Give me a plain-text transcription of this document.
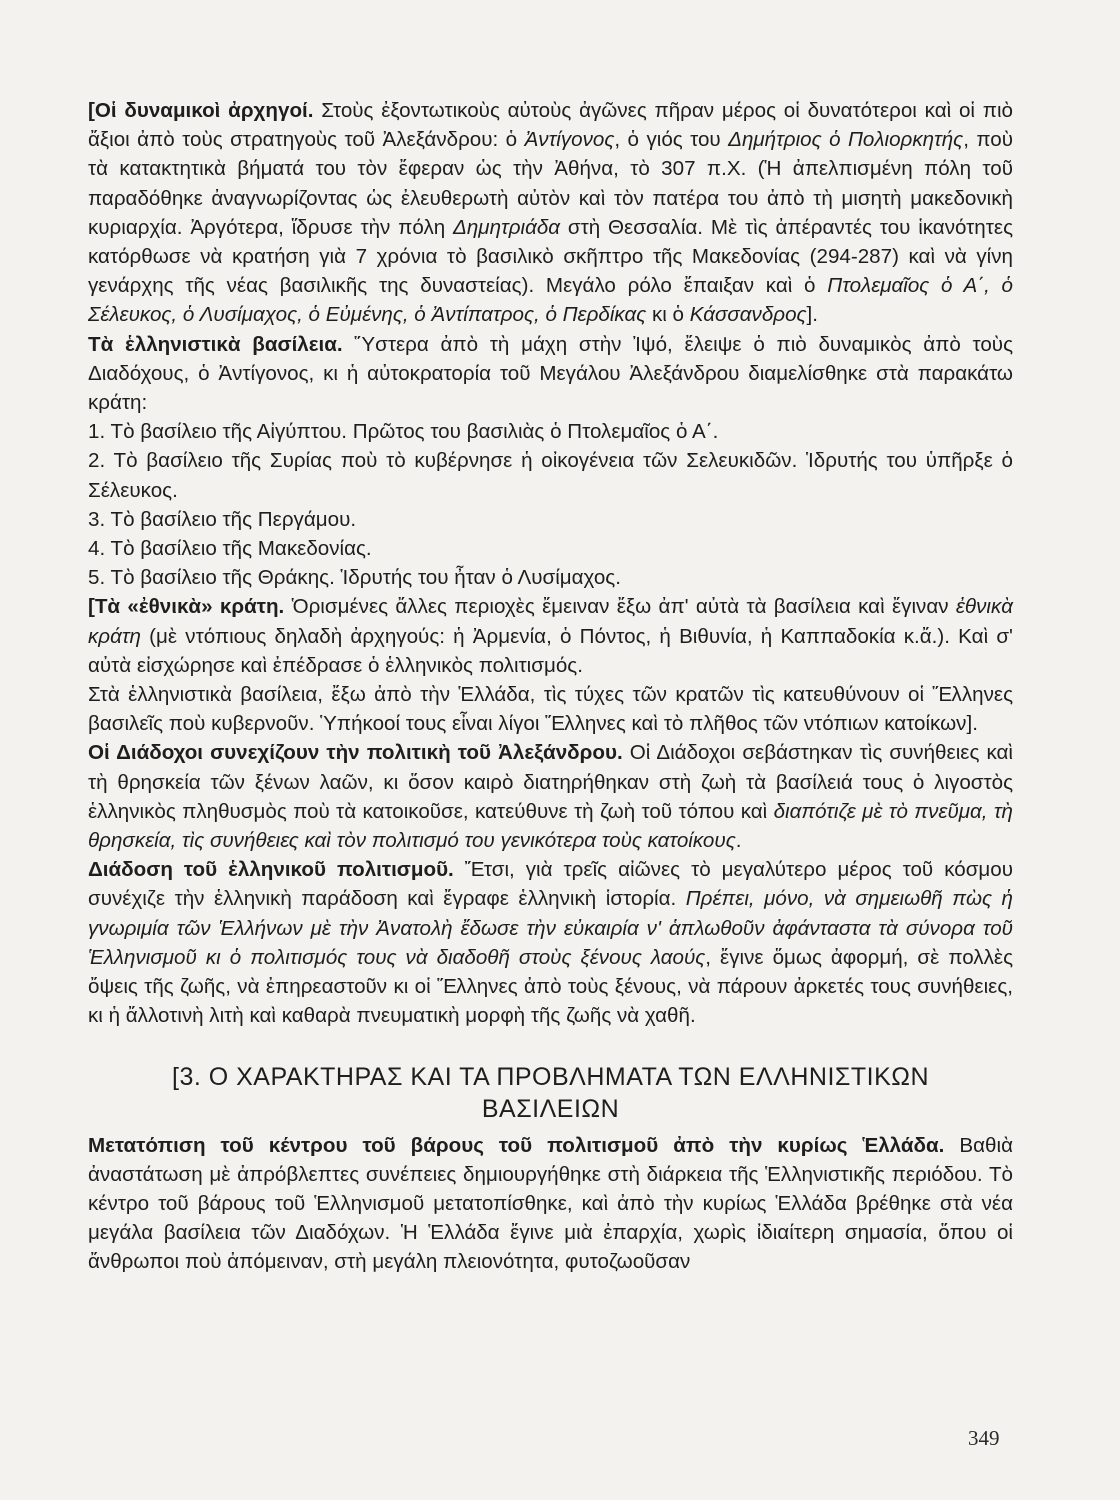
[Οἱ δυναμικοὶ ἀρχηγοί. Στοὺς ἐξοντωτικοὺς αὐτοὺς ἀγῶνες πῆραν μέρος οἱ δυνατότεροι καὶ οἱ πιὸ ἄξιοι ἀπὸ τοὺς στρατηγοὺς τοῦ Ἀλεξάνδρου: ὁ Ἀντίγονος, ὁ γιός του Δημήτριος ὁ Πολιορκητής, ποὺ τὰ κατακτητικὰ βήματά του τὸν ἔφεραν ὡς τὴν Ἀθήνα, τὸ 307 π.Χ. (Ἡ ἀπελπισμένη πόλη τοῦ παραδόθηκε ἀναγνωρίζοντας ὡς ἐλευθερωτὴ αὐτὸν καὶ τὸν πατέρα του ἀπὸ τὴ μισητὴ μακεδονικὴ κυριαρχία. Ἀργότερα, ἵδρυσε τὴν πόλη Δημητριάδα στὴ Θεσσαλία. Μὲ τὶς ἀπέραντές του ἱκανότητες κατόρθωσε νὰ κρατήση γιὰ 7 χρόνια τὸ βασιλικὸ σκῆπτρο τῆς Μακεδονίας (294-287) καὶ νὰ γίνη γενάρχης τῆς νέας βασιλικῆς της δυναστείας). Μεγάλο ρόλο ἔπαιξαν καὶ ὁ Πτολεμαῖος ὁ Α΄, ὁ Σέλευκος, ὁ Λυσίμαχος, ὁ Εὐμένης, ὁ Ἀντίπατρος, ὁ Περδίκας κι ὁ Κάσσανδρος].

Τὰ ἑλληνιστικὰ βασίλεια. Ὕστερα ἀπὸ τὴ μάχη στὴν Ἰψό, ἔλειψε ὁ πιὸ δυναμικὸς ἀπὸ τοὺς Διαδόχους, ὁ Ἀντίγονος, κι ἡ αὐτοκρατορία τοῦ Μεγάλου Ἀλεξάνδρου διαμελίσθηκε στὰ παρακάτω κράτη:

1. Τὸ βασίλειο τῆς Αἰγύπτου. Πρῶτος του βασιλιὰς ὁ Πτολεμαῖος ὁ Α΄.

2. Τὸ βασίλειο τῆς Συρίας ποὺ τὸ κυβέρνησε ἡ οἰκογένεια τῶν Σελευκιδῶν. Ἱδρυτής του ὑπῆρξε ὁ Σέλευκος.

3. Τὸ βασίλειο τῆς Περγάμου.

4. Τὸ βασίλειο τῆς Μακεδονίας.

5. Τὸ βασίλειο τῆς Θράκης. Ἱδρυτής του ἦταν ὁ Λυσίμαχος.

[Τὰ «ἐθνικὰ» κράτη. Ὁρισμένες ἄλλες περιοχὲς ἔμειναν ἔξω ἀπ' αὐτὰ τὰ βασίλεια καὶ ἔγιναν ἐθνικὰ κράτη (μὲ ντόπιους δηλαδὴ ἀρχηγούς: ἡ Ἀρμενία, ὁ Πόντος, ἡ Βιθυνία, ἡ Καππαδοκία κ.ἄ.). Καὶ σ' αὐτὰ εἰσχώρησε καὶ ἐπέδρασε ὁ ἑλληνικὸς πολιτισμός.

Στὰ ἑλληνιστικὰ βασίλεια, ἔξω ἀπὸ τὴν Ἑλλάδα, τὶς τύχες τῶν κρατῶν τὶς κατευθύνουν οἱ Ἕλληνες βασιλεῖς ποὺ κυβερνοῦν. Ὑπήκοοί τους εἶναι λίγοι Ἕλληνες καὶ τὸ πλῆθος τῶν ντόπιων κατοίκων].

Οἱ Διάδοχοι συνεχίζουν τὴν πολιτικὴ τοῦ Ἀλεξάνδρου. Οἱ Διάδοχοι σεβάστηκαν τὶς συνήθειες καὶ τὴ θρησκεία τῶν ξένων λαῶν, κι ὅσον καιρὸ διατηρήθηκαν στὴ ζωὴ τὰ βασίλειά τους ὁ λιγοστὸς ἑλληνικὸς πληθυσμὸς ποὺ τὰ κατοικοῦσε, κατεύθυνε τὴ ζωὴ τοῦ τόπου καὶ διαπότιζε μὲ τὸ πνεῦμα, τὴ θρησκεία, τὶς συνήθειες καὶ τὸν πολιτισμό του γενικότερα τοὺς κατοίκους.

Διάδοση τοῦ ἑλληνικοῦ πολιτισμοῦ. Ἔτσι, γιὰ τρεῖς αἰῶνες τὸ μεγαλύτερο μέρος τοῦ κόσμου συνέχιζε τὴν ἑλληνικὴ παράδοση καὶ ἔγραφε ἑλληνικὴ ἱστορία. Πρέπει, μόνο, νὰ σημειωθῆ πὼς ἡ γνωριμία τῶν Ἑλλήνων μὲ τὴν Ἀνατολὴ ἔδωσε τὴν εὐκαιρία ν' ἁπλωθοῦν ἀφάνταστα τὰ σύνορα τοῦ Ἑλληνισμοῦ κι ὁ πολιτισμός τους νὰ διαδοθῆ στοὺς ξένους λαούς, ἔγινε ὅμως ἀφορμή, σὲ πολλὲς ὄψεις τῆς ζωῆς, νὰ ἐπηρεαστοῦν κι οἱ Ἕλληνες ἀπὸ τοὺς ξένους, νὰ πάρουν ἀρκετές τους συνήθειες, κι ἡ ἄλλοτινὴ λιτὴ καὶ καθαρὰ πνευματικὴ μορφὴ τῆς ζωῆς νὰ χαθῆ.

[3. Ο ΧΑΡΑΚΤΗΡΑΣ ΚΑΙ ΤΑ ΠΡΟΒΛΗΜΑΤΑ ΤΩΝ ΕΛΛΗΝΙΣΤΙΚΩΝ
ΒΑΣΙΛΕΙΩΝ

Μετατόπιση τοῦ κέντρου τοῦ βάρους τοῦ πολιτισμοῦ ἀπὸ τὴν κυρίως Ἑλλάδα. Βαθιὰ ἀναστάτωση μὲ ἀπρόβλεπτες συνέπειες δημιουργήθηκε στὴ διάρκεια τῆς Ἑλληνιστικῆς περιόδου. Τὸ κέντρο τοῦ βάρους τοῦ Ἑλληνισμοῦ μετατοπίσθηκε, καὶ ἀπὸ τὴν κυρίως Ἑλλάδα βρέθηκε στὰ νέα μεγάλα βασίλεια τῶν Διαδόχων. Ἡ Ἑλλάδα ἔγινε μιὰ ἐπαρχία, χωρὶς ἰδιαίτερη σημασία, ὅπου οἱ ἄνθρωποι ποὺ ἀπόμειναν, στὴ μεγάλη πλειονότητα, φυτοζωοῦσαν

349
